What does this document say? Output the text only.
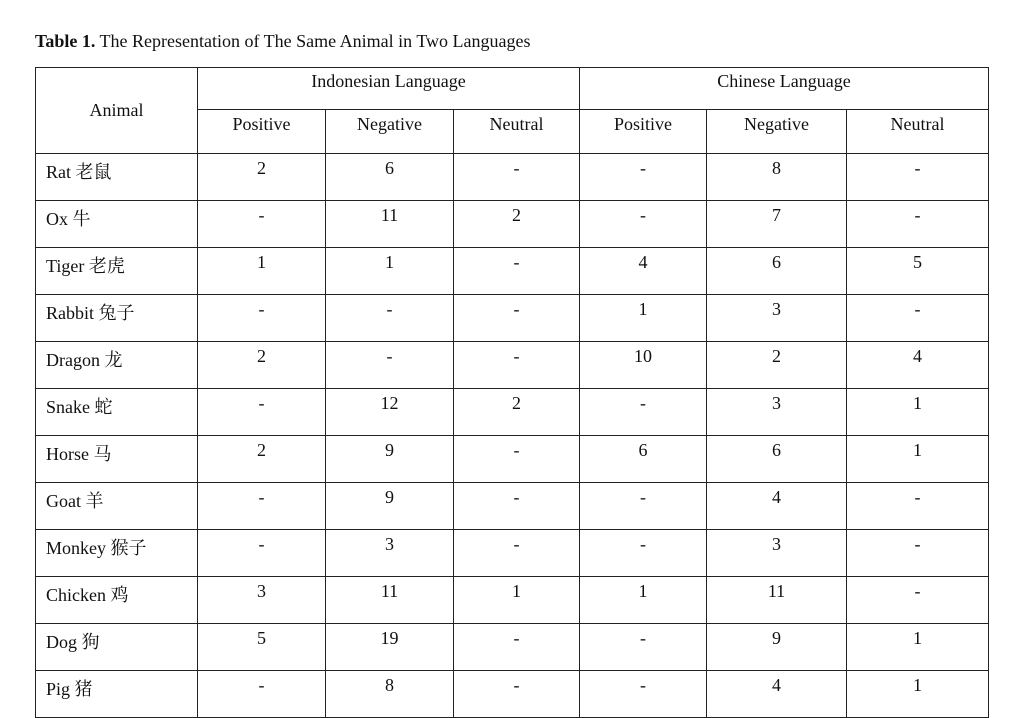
Table 1. The Representation of The Same Animal in Two Languages
Animal	Indonesian Language			Chinese Language		
	Positive	Negative	Neutral	Positive	Negative	Neutral
Rat 老鼠	2	6	-	-	8	-
Ox 牛	-	11	2	-	7	-
Tiger 老虎	1	1	-	4	6	5
Rabbit 兔子	-	-	-	1	3	-
Dragon 龙	2	-	-	10	2	4
Snake 蛇	-	12	2	-	3	1
Horse 马	2	9	-	6	6	1
Goat 羊	-	9	-	-	4	-
Monkey 猴子	-	3	-	-	3	-
Chicken 鸡	3	11	1	1	11	-
Dog 狗	5	19	-	-	9	1
Pig 猪	-	8	-	-	4	1
